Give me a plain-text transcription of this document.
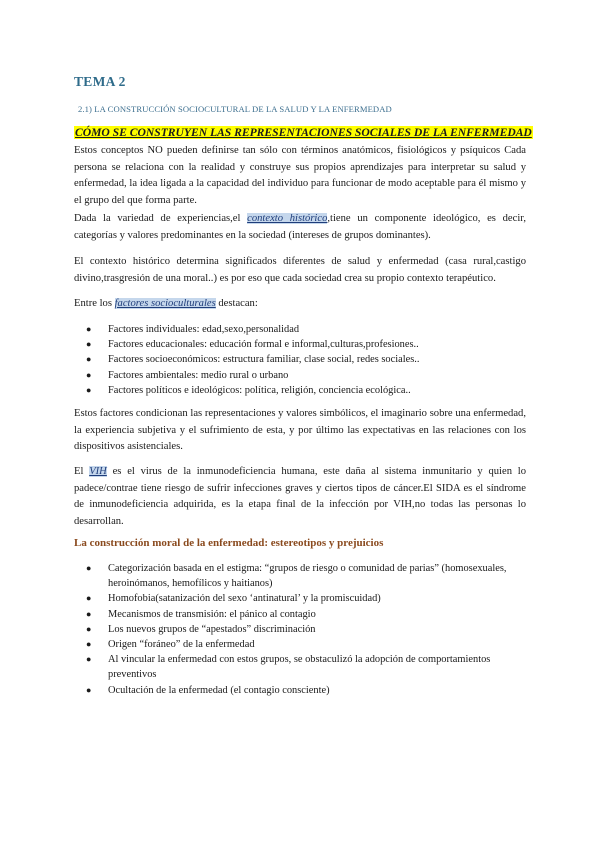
TEMA 2
2.1) LA CONSTRUCCIÓN SOCIOCULTURAL DE LA SALUD Y LA ENFERMEDAD
CÓMO SE CONSTRUYEN LAS REPRESENTACIONES SOCIALES DE LA ENFERMEDAD
Estos conceptos NO pueden definirse tan sólo con términos anatómicos, fisiológicos y psíquicos Cada persona se relaciona con la realidad y construye sus propios aprendizajes para interpretar su salud y enfermedad, la idea ligada a la capacidad del individuo para funcionar de modo aceptable para él mismo y el grupo del que forma parte.
Dada la variedad de experiencias,el contexto histórico,tiene un componente ideológico, es decir, categorías y valores predominantes en la sociedad (intereses de grupos dominantes).
El contexto histórico determina significados diferentes de salud y enfermedad (casa rural,castigo divino,trasgresión de una moral..) es por eso que cada sociedad crea su propio contexto terapéutico.
Entre los factores socioculturales destacan:
● Factores individuales: edad,sexo,personalidad
● Factores educacionales: educación formal e informal,culturas,profesiones..
● Factores socioeconómicos: estructura familiar, clase social, redes sociales..
● Factores ambientales: medio rural o urbano
● Factores políticos e ideológicos: política, religión, conciencia ecológica..
Estos factores condicionan las representaciones y valores simbólicos, el imaginario sobre una enfermedad, la experiencia subjetiva y el sufrimiento de esta, y por último las expectativas en las relaciones con los dispositivos asistenciales.
El VIH es el virus de la inmunodeficiencia humana, este daña al sistema inmunitario y quien lo padece/contrae tiene riesgo de sufrir infecciones graves y ciertos tipos de cáncer.El SIDA es el síndrome de inmunodeficiencia adquirida, es la etapa final de la infección por VIH,no todas las personas lo desarrollan.
La construcción moral de la enfermedad: estereotipos y prejuicios
● Categorización basada en el estigma: “grupos de riesgo o comunidad de parias” (homosexuales, heroinómanos, hemofílicos y haitianos)
● Homofobia(satanización del sexo ‘antinatural’ y la promiscuidad)
● Mecanismos de transmisión: el pánico al contagio
● Los nuevos grupos de “apestados” discriminación
● Origen “foráneo” de la enfermedad
● Al vincular la enfermedad con estos grupos, se obstaculizó la adopción de comportamientos preventivos
● Ocultación de la enfermedad (el contagio consciente)
